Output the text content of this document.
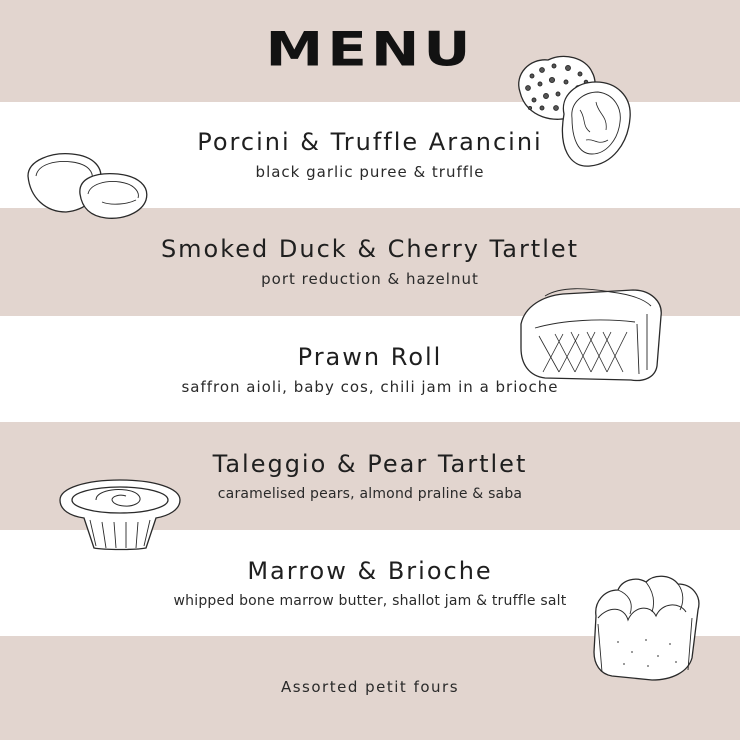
MENU
Porcini & Truffle Arancini
black garlic puree & truffle
Smoked Duck & Cherry Tartlet
port reduction & hazelnut
Prawn Roll
saffron aioli, baby cos, chili jam in a brioche
Taleggio & Pear Tartlet
caramelised pears, almond praline & saba
Marrow & Brioche
whipped bone marrow butter, shallot jam & truffle salt
Assorted petit fours
